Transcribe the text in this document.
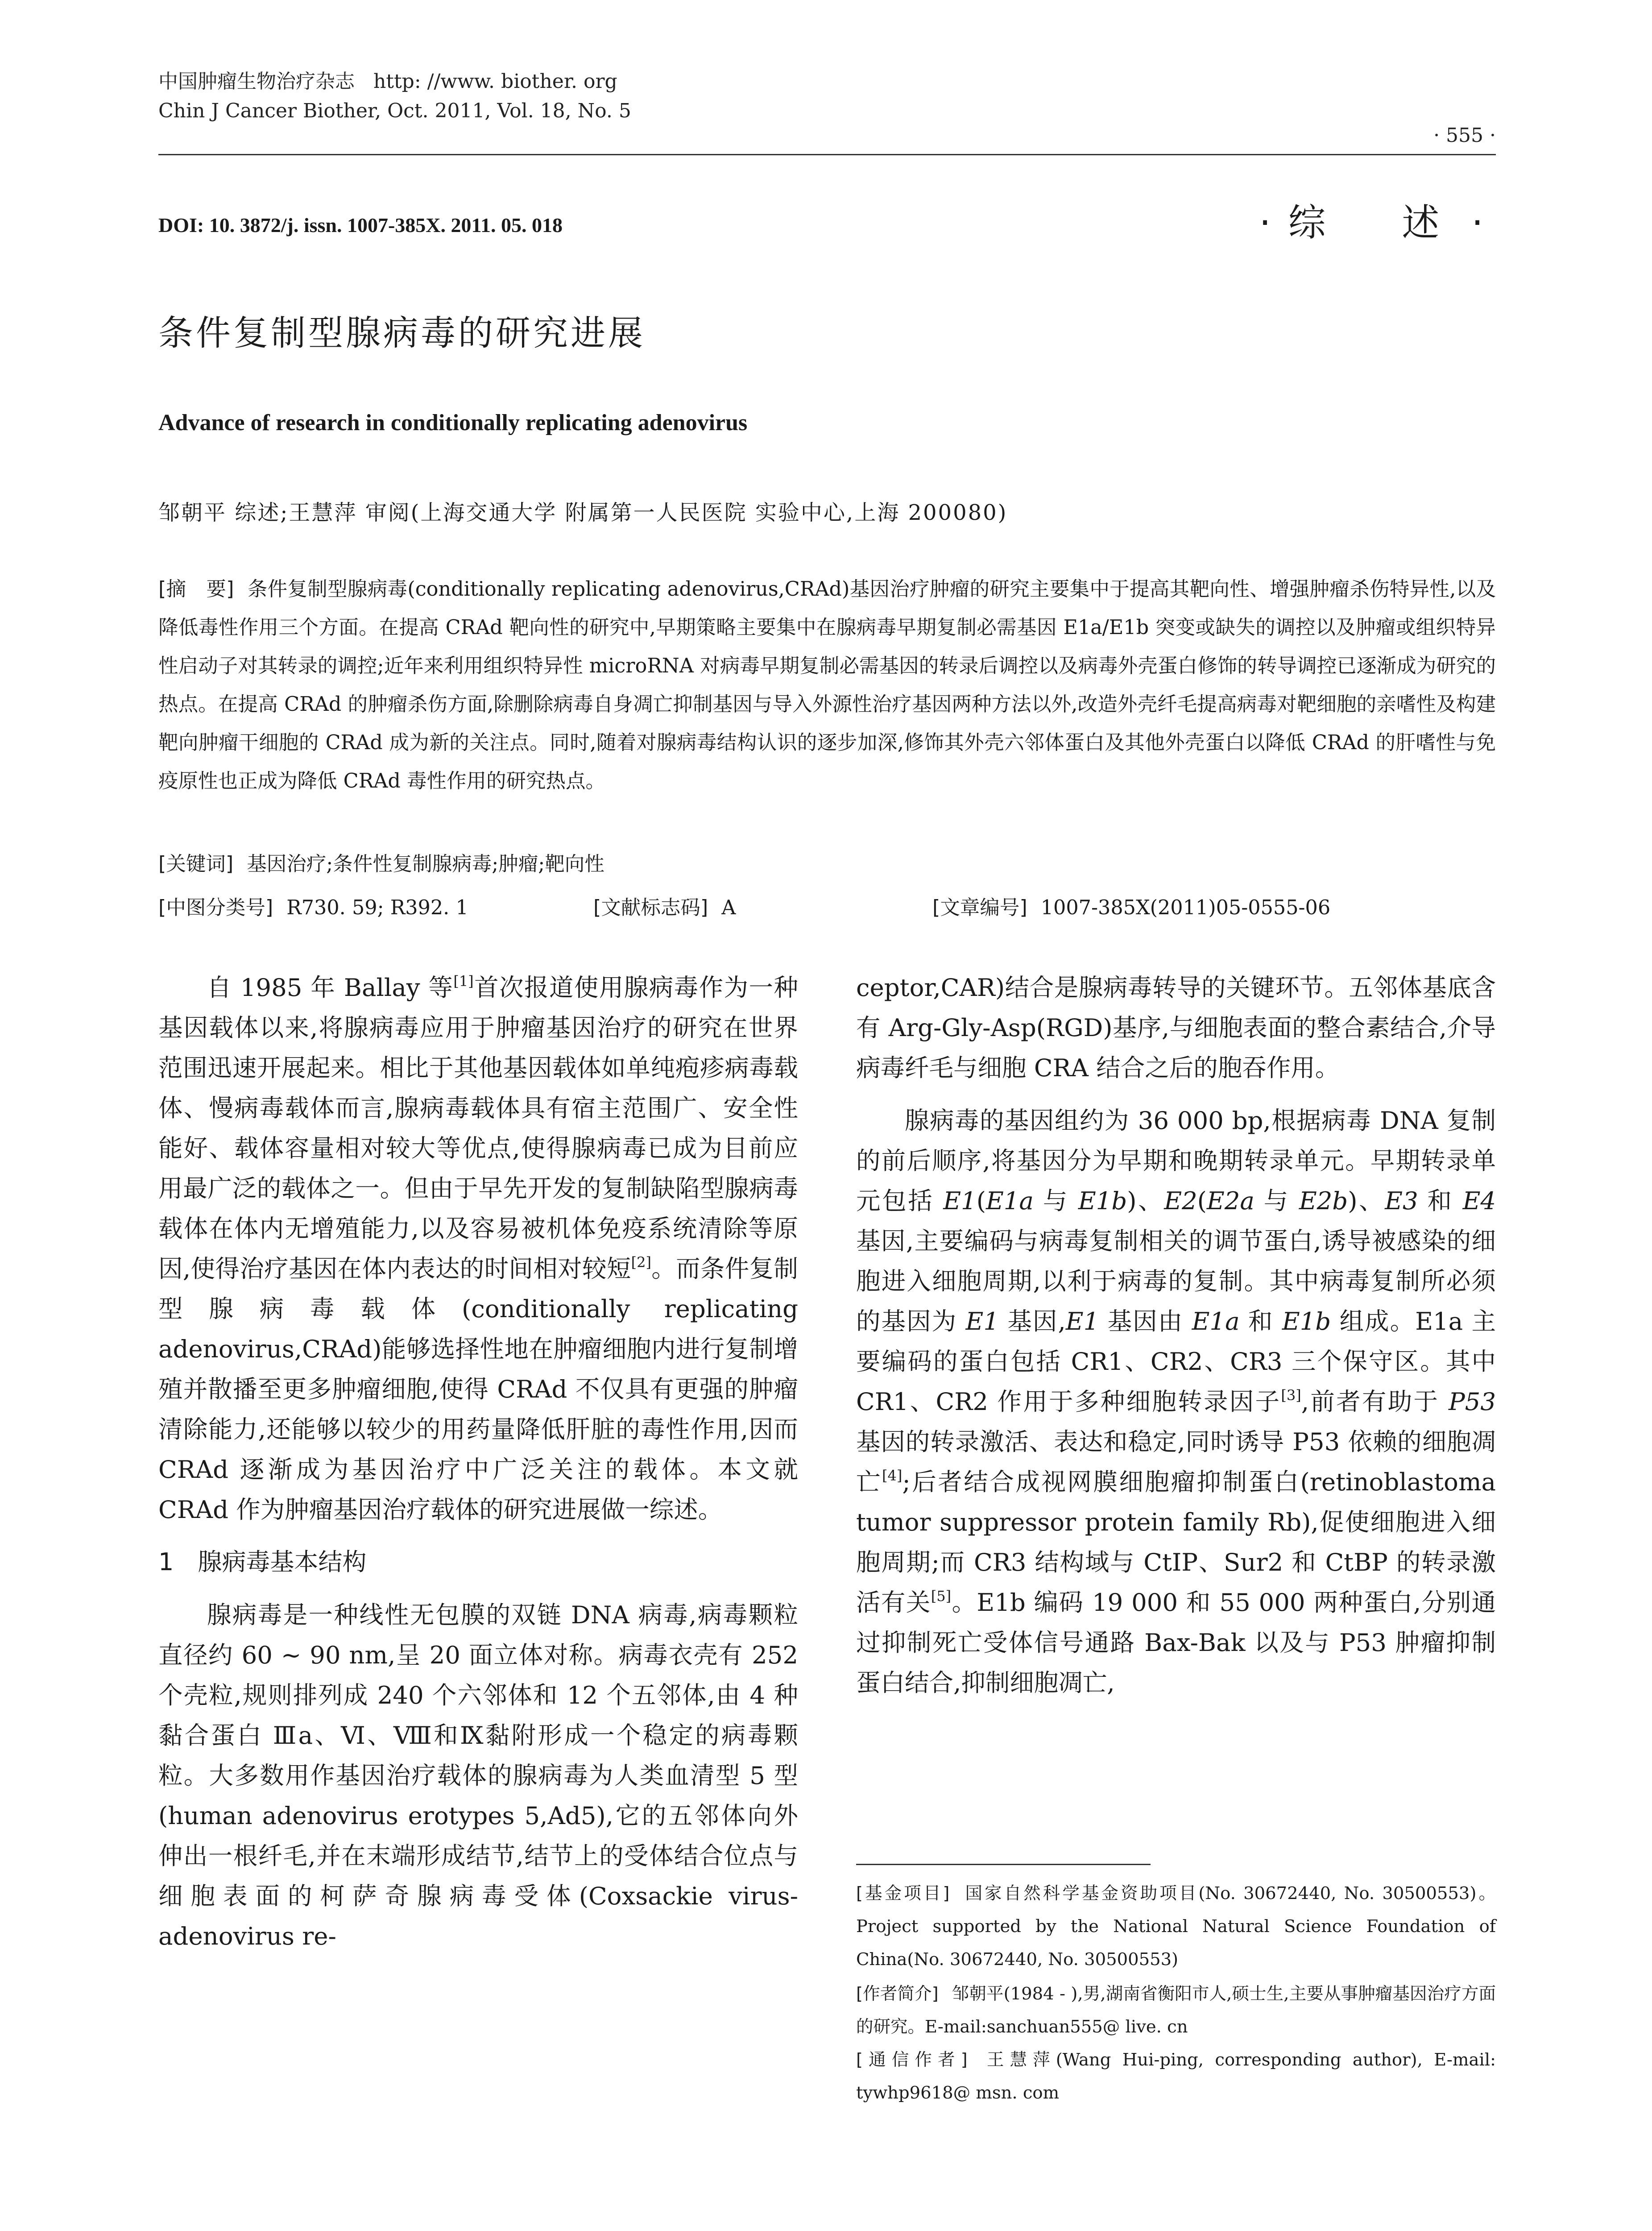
中国肿瘤生物治疗杂志 http: //www. biother. org
Chin J Cancer Biother, Oct. 2011, Vol. 18, No. 5
· 555 ·
DOI: 10. 3872/j. issn. 1007-385X. 2011. 05. 018	· 综 述·
条件复制型腺病毒的研究进展
Advance of research in conditionally replicating adenovirus
邹朝平 综述;王慧萍 审阅(上海交通大学 附属第一人民医院 实验中心,上海 200080)

[摘　要] 条件复制型腺病毒(conditionally replicating adenovirus,CRAd)基因治疗肿瘤的研究主要集中于提高其靶向性、增强肿瘤杀伤特异性,以及降低毒性作用三个方面。在提高 CRAd 靶向性的研究中,早期策略主要集中在腺病毒早期复制必需基因 E1a/E1b 突变或缺失的调控以及肿瘤或组织特异性启动子对其转录的调控;近年来利用组织特异性 microRNA 对病毒早期复制必需基因的转录后调控以及病毒外壳蛋白修饰的转导调控已逐渐成为研究的热点。在提高 CRAd 的肿瘤杀伤方面,除删除病毒自身凋亡抑制基因与导入外源性治疗基因两种方法以外,改造外壳纤毛提高病毒对靶细胞的亲嗜性及构建靶向肿瘤干细胞的 CRAd 成为新的关注点。同时,随着对腺病毒结构认识的逐步加深,修饰其外壳六邻体蛋白及其他外壳蛋白以降低 CRAd 的肝嗜性与免疫原性也正成为降低 CRAd 毒性作用的研究热点。

[关键词] 基因治疗;条件性复制腺病毒;肿瘤;靶向性
[中图分类号] R730. 59; R392. 1	[文献标志码] A	[文章编号] 1007-385X(2011)05-0555-06

自 1985 年 Ballay 等[1]首次报道使用腺病毒作为一种基因载体以来,将腺病毒应用于肿瘤基因治疗的研究在世界范围迅速开展起来。相比于其他基因载体如单纯疱疹病毒载体、慢病毒载体而言,腺病毒载体具有宿主范围广、安全性能好、载体容量相对较大等优点,使得腺病毒已成为目前应用最广泛的载体之一。但由于早先开发的复制缺陷型腺病毒载体在体内无增殖能力,以及容易被机体免疫系统清除等原因,使得治疗基因在体内表达的时间相对较短[2]。而条件复制型腺病毒载体(conditionally replicating adenovirus,CRAd)能够选择性地在肿瘤细胞内进行复制增殖并散播至更多肿瘤细胞,使得 CRAd 不仅具有更强的肿瘤清除能力,还能够以较少的用药量降低肝脏的毒性作用,因而 CRAd 逐渐成为基因治疗中广泛关注的载体。本文就 CRAd 作为肿瘤基因治疗载体的研究进展做一综述。

1 腺病毒基本结构

腺病毒是一种线性无包膜的双链 DNA 病毒,病毒颗粒直径约 60 ~ 90 nm,呈 20 面立体对称。病毒衣壳有 252 个壳粒,规则排列成 240 个六邻体和 12 个五邻体,由 4 种黏合蛋白 Ⅲa、Ⅵ、Ⅷ和Ⅸ黏附形成一个稳定的病毒颗粒。大多数用作基因治疗载体的腺病毒为人类血清型 5 型(human adenovirus erotypes 5,Ad5),它的五邻体向外伸出一根纤毛,并在末端形成结节,结节上的受体结合位点与细胞表面的柯萨奇腺病毒受体(Coxsackie virus-adenovirus re-

ceptor,CAR)结合是腺病毒转导的关键环节。五邻体基底含有 Arg-Gly-Asp(RGD)基序,与细胞表面的整合素结合,介导病毒纤毛与细胞 CRA 结合之后的胞吞作用。

腺病毒的基因组约为 36 000 bp,根据病毒 DNA 复制的前后顺序,将基因分为早期和晚期转录单元。早期转录单元包括 E1(E1a 与 E1b)、E2(E2a 与 E2b)、E3 和 E4 基因,主要编码与病毒复制相关的调节蛋白,诱导被感染的细胞进入细胞周期,以利于病毒的复制。其中病毒复制所必须的基因为 E1 基因,E1 基因由 E1a 和 E1b 组成。E1a 主要编码的蛋白包括 CR1、CR2、CR3 三个保守区。其中 CR1、CR2 作用于多种细胞转录因子[3],前者有助于 P53 基因的转录激活、表达和稳定,同时诱导 P53 依赖的细胞凋亡[4];后者结合成视网膜细胞瘤抑制蛋白(retinoblastoma tumor suppressor protein family Rb),促使细胞进入细胞周期;而 CR3 结构域与 CtIP、Sur2 和 CtBP 的转录激活有关[5]。E1b 编码 19 000 和 55 000 两种蛋白,分别通过抑制死亡受体信号通路 Bax-Bak 以及与 P53 肿瘤抑制蛋白结合,抑制细胞凋亡,

[基金项目] 国家自然科学基金资助项目(No. 30672440, No. 30500553)。Project supported by the National Natural Science Foundation of China(No. 30672440, No. 30500553)

[作者简介] 邹朝平(1984 - ),男,湖南省衡阳市人,硕士生,主要从事肿瘤基因治疗方面的研究。E-mail:sanchuan555@ live. cn

[通信作者] 王慧萍(Wang Hui-ping, corresponding author), E-mail: tywhp9618@ msn. com
